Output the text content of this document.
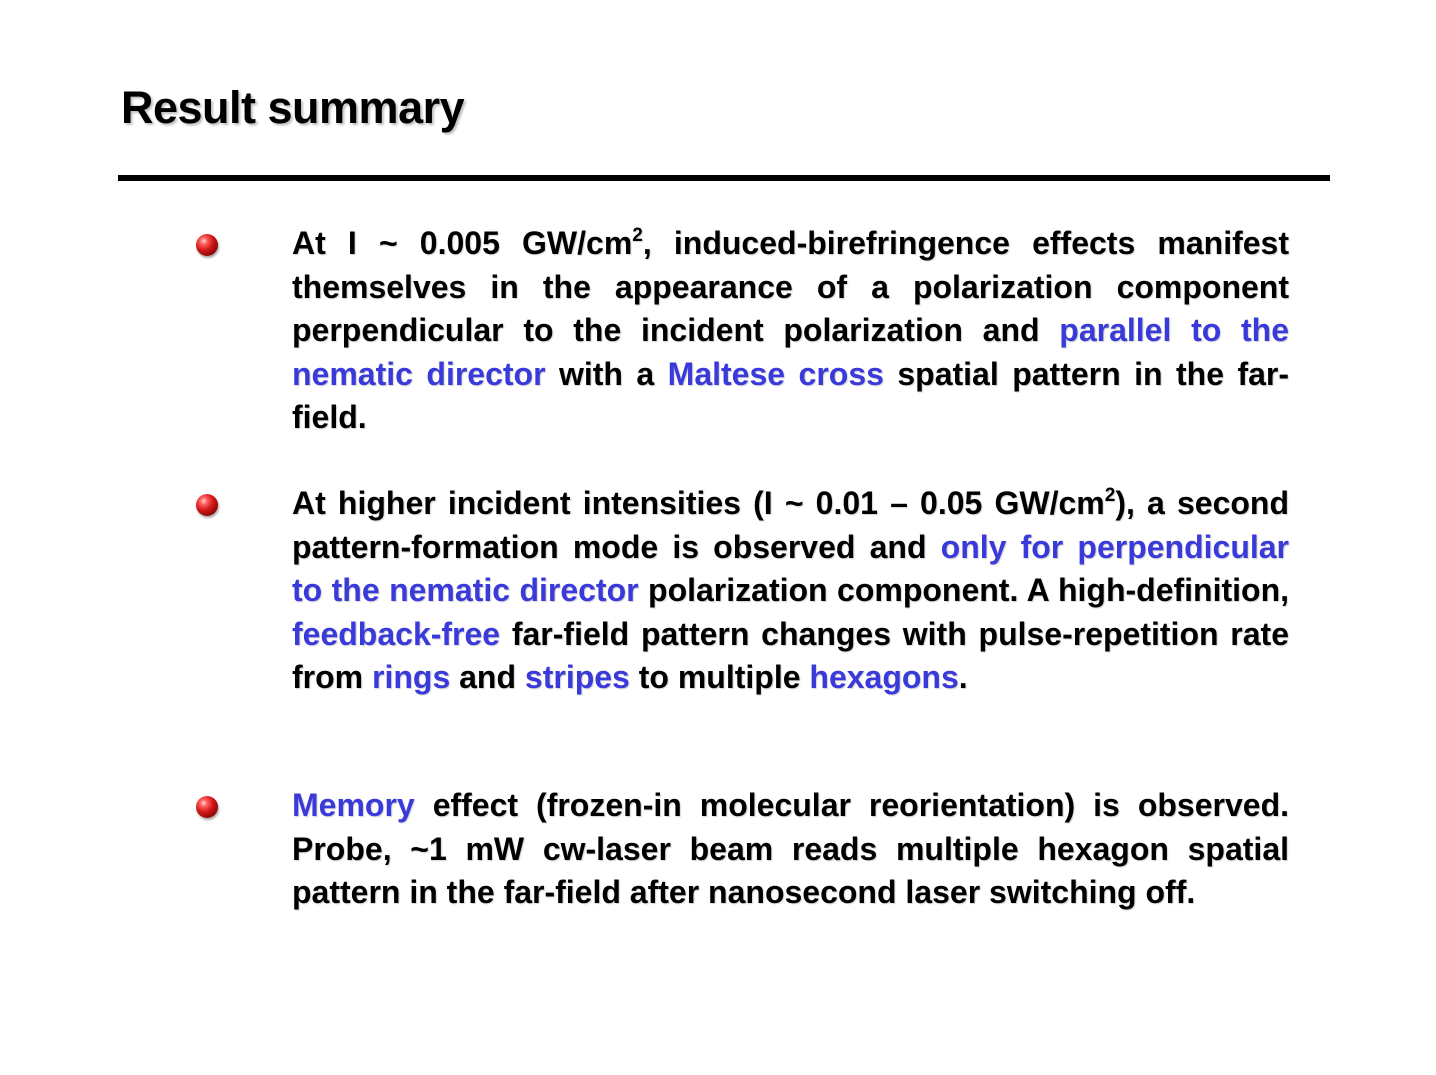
Result summary

At I ~ 0.005 $GW/cm^2$, induced-birefringence effects manifest themselves in the appearance of a polarization component perpendicular to the incident polarization and parallel to the nematic director with a Maltese cross spatial pattern in the far-field.

At higher incident intensities (I ~ 0.01 – 0.05 $GW/cm^2$), a second pattern-formation mode is observed and only for perpendicular to the nematic director polarization component. A high-definition, feedback-free far-field pattern changes with pulse-repetition rate from rings and stripes to multiple hexagons.

Memory effect (frozen-in molecular reorientation) is observed. Probe, ~1 mW cw-laser beam reads multiple hexagon spatial pattern in the far-field after nanosecond laser switching off.
